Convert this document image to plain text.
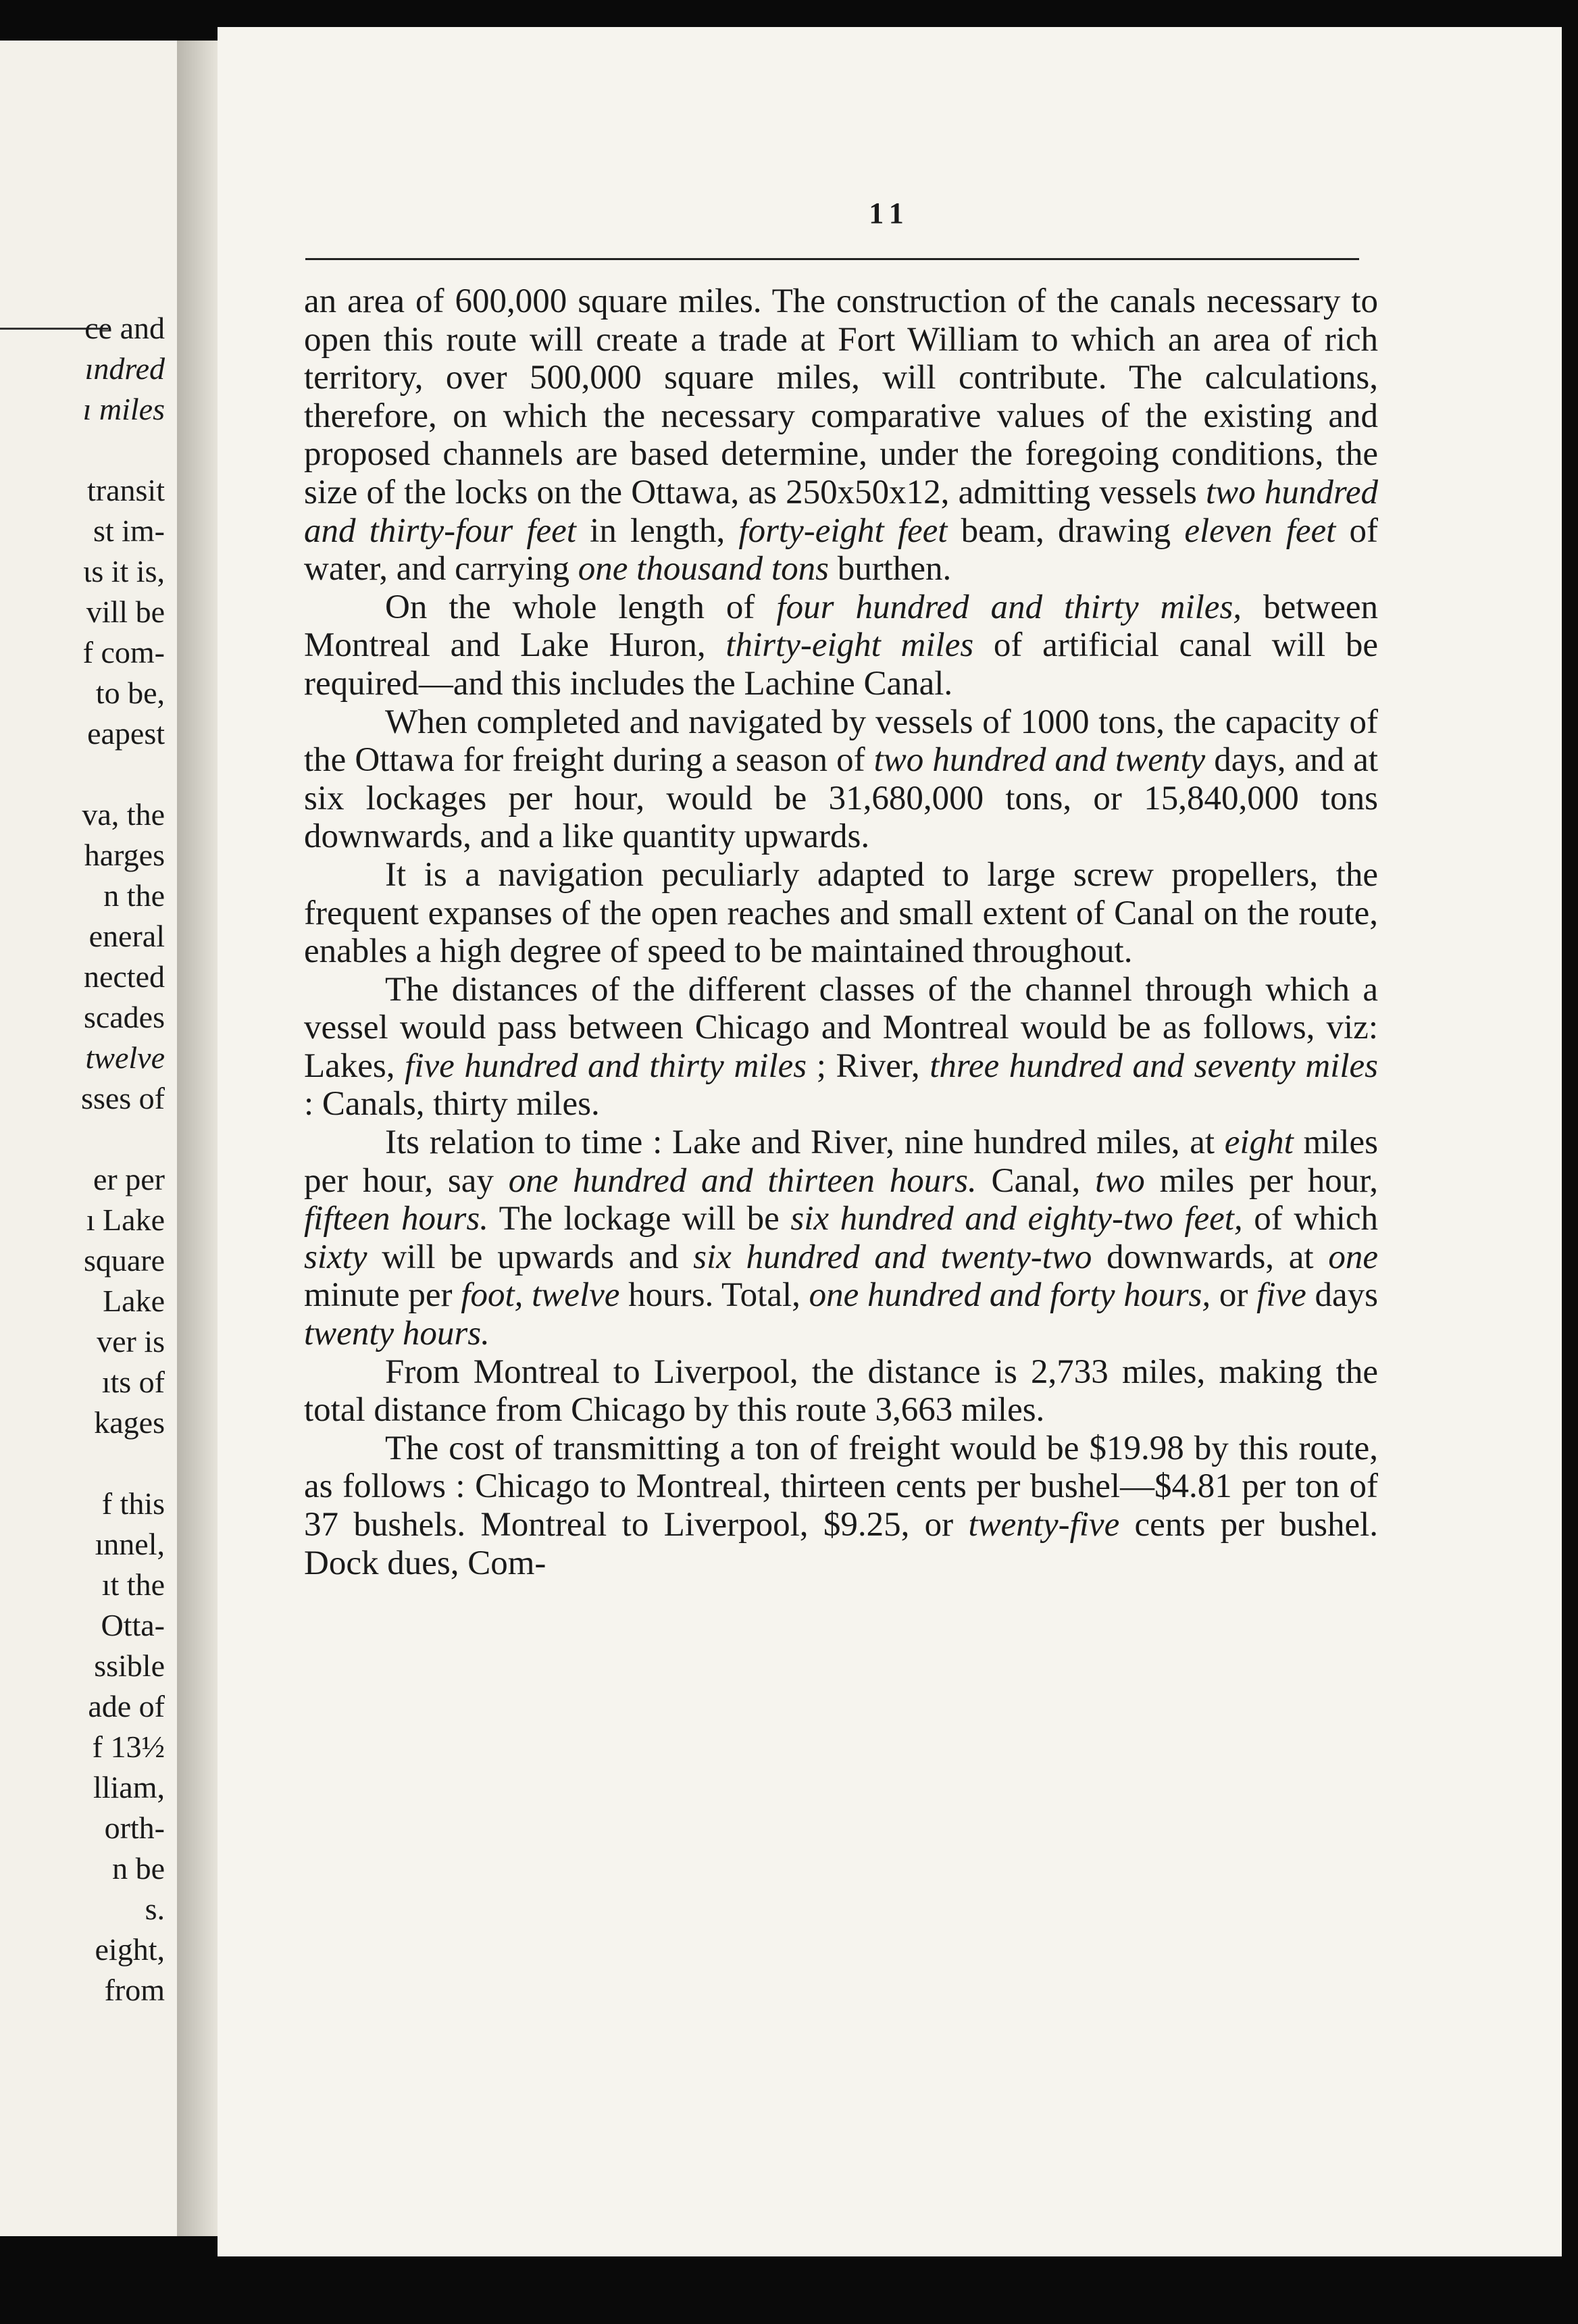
ce and
ındred
ı miles
transit
st im-
ɩs it is,
vill be
f com-
to be,
eapest
va, the
harges
n the
eneral
nected
scades
twelve
sses of
er per
ı Lake
square
Lake
ver is
ıts of
kages
f this
ınnel,
ıt the
Otta-
ssible
ade of
f 13½
lliam,
orth-
n be
s.
eight,
from
11

an area of 600,000 square miles. The construction of the canals necessary to open this route will create a trade at Fort William to which an area of rich territory, over 500,000 square miles, will contribute. The calculations, therefore, on which the necessary comparative values of the existing and proposed channels are based determine, under the foregoing conditions, the size of the locks on the Ottawa, as 250x50x12, admitting vessels two hundred and thirty-four feet in length, forty-eight feet beam, drawing eleven feet of water, and carrying one thousand tons burthen.

On the whole length of four hundred and thirty miles, between Montreal and Lake Huron, thirty-eight miles of artificial canal will be required—and this includes the Lachine Canal.

When completed and navigated by vessels of 1000 tons, the capacity of the Ottawa for freight during a season of two hundred and twenty days, and at six lockages per hour, would be 31,680,000 tons, or 15,840,000 tons downwards, and a like quantity upwards.

It is a navigation peculiarly adapted to large screw propellers, the frequent expanses of the open reaches and small extent of Canal on the route, enables a high degree of speed to be maintained throughout.

The distances of the different classes of the channel through which a vessel would pass between Chicago and Montreal would be as follows, viz: Lakes, five hundred and thirty miles ; River, three hundred and seventy miles : Canals, thirty miles.

Its relation to time : Lake and River, nine hundred miles, at eight miles per hour, say one hundred and thirteen hours. Canal, two miles per hour, fifteen hours. The lockage will be six hundred and eighty-two feet, of which sixty will be upwards and six hundred and twenty-two downwards, at one minute per foot, twelve hours. Total, one hundred and forty hours, or five days twenty hours.

From Montreal to Liverpool, the distance is 2,733 miles, making the total distance from Chicago by this route 3,663 miles.

The cost of transmitting a ton of freight would be $19.98 by this route, as follows : Chicago to Montreal, thirteen cents per bushel—$4.81 per ton of 37 bushels. Montreal to Liverpool, $9.25, or twenty-five cents per bushel. Dock dues, Com-
